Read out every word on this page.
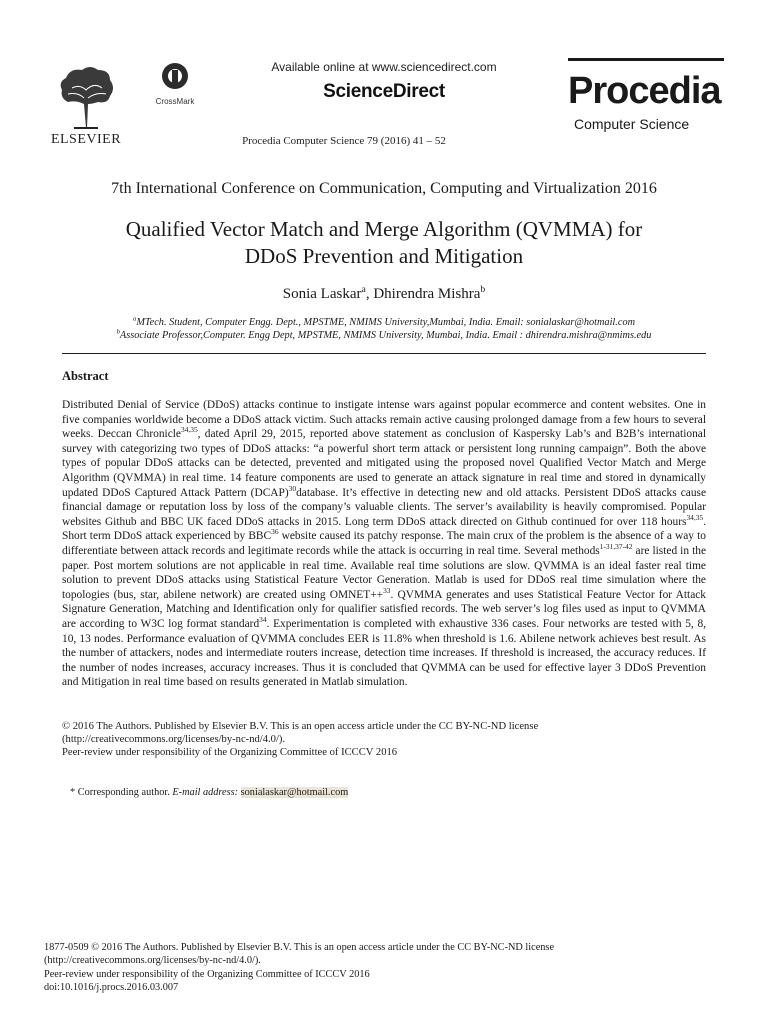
ELSEVIER
CrossMark
Available online at www.sciencedirect.com
ScienceDirect
Procedia Computer Science 79 (2016) 41 – 52
Procedia
Computer Science
7th International Conference on Communication, Computing and Virtualization 2016
Qualified Vector Match and Merge Algorithm (QVMMA) for
DDoS Prevention and Mitigation
Sonia Laskar$^a$, Dhirendra Mishra$^b$
$^a$MTech. Student, Computer Engg. Dept., MPSTME, NMIMS University,Mumbai, India. Email: sonialaskar@hotmail.com
$^b$Associate Professor,Computer. Engg Dept, MPSTME, NMIMS University, Mumbai, India. Email : dhirendra.mishra@nmims.edu
Abstract
Distributed Denial of Service (DDoS) attacks continue to instigate intense wars against popular ecommerce and content websites. One in five companies worldwide become a DDoS attack victim. Such attacks remain active causing prolonged damage from a few hours to several weeks. Deccan Chronicle$^{34,35}$, dated April 29, 2015, reported above statement as conclusion of Kaspersky Lab’s and B2B’s international survey with categorizing two types of DDoS attacks: “a powerful short term attack or persistent long running campaign”. Both the above types of popular DDoS attacks can be detected, prevented and mitigated using the proposed novel Qualified Vector Match and Merge Algorithm (QVMMA) in real time. 14 feature components are used to generate an attack signature in real time and stored in dynamically updated DDoS Captured Attack Pattern (DCAP)$^{30}$database. It’s effective in detecting new and old attacks. Persistent DDoS attacks cause financial damage or reputation loss by loss of the company’s valuable clients. The server’s availability is heavily compromised. Popular websites Github and BBC UK faced DDoS attacks in 2015. Long term DDoS attack directed on Github continued for over 118 hours$^{34,35}$. Short term DDoS attack experienced by BBC$^{36}$ website caused its patchy response. The main crux of the problem is the absence of a way to differentiate between attack records and legitimate records while the attack is occurring in real time. Several methods$^{1-31,37-42}$ are listed in the paper. Post mortem solutions are not applicable in real time. Available real time solutions are slow. QVMMA is an ideal faster real time solution to prevent DDoS attacks using Statistical Feature Vector Generation. Matlab is used for DDoS real time simulation where the topologies (bus, star, abilene network) are created using OMNET++$^{33}$. QVMMA generates and uses Statistical Feature Vector for Attack Signature Generation, Matching and Identification only for qualifier satisfied records. The web server’s log files used as input to QVMMA are according to W3C log format standard$^{34}$. Experimentation is completed with exhaustive 336 cases. Four networks are tested with 5, 8, 10, 13 nodes. Performance evaluation of QVMMA concludes EER is 11.8% when threshold is 1.6. Abilene network achieves best result. As the number of attackers, nodes and intermediate routers increase, detection time increases. If threshold is increased, the accuracy reduces. If the number of nodes increases, accuracy increases. Thus it is concluded that QVMMA can be used for effective layer 3 DDoS Prevention and Mitigation in real time based on results generated in Matlab simulation.
© 2016 The Authors. Published by Elsevier B.V. This is an open access article under the CC BY-NC-ND license
(http://creativecommons.org/licenses/by-nc-nd/4.0/).
Peer-review under responsibility of the Organizing Committee of ICCCV 2016
* Corresponding author. E-mail address: sonialaskar@hotmail.com
1877-0509 © 2016 The Authors. Published by Elsevier B.V. This is an open access article under the CC BY-NC-ND license
(http://creativecommons.org/licenses/by-nc-nd/4.0/).
Peer-review under responsibility of the Organizing Committee of ICCCV 2016
doi:10.1016/j.procs.2016.03.007
